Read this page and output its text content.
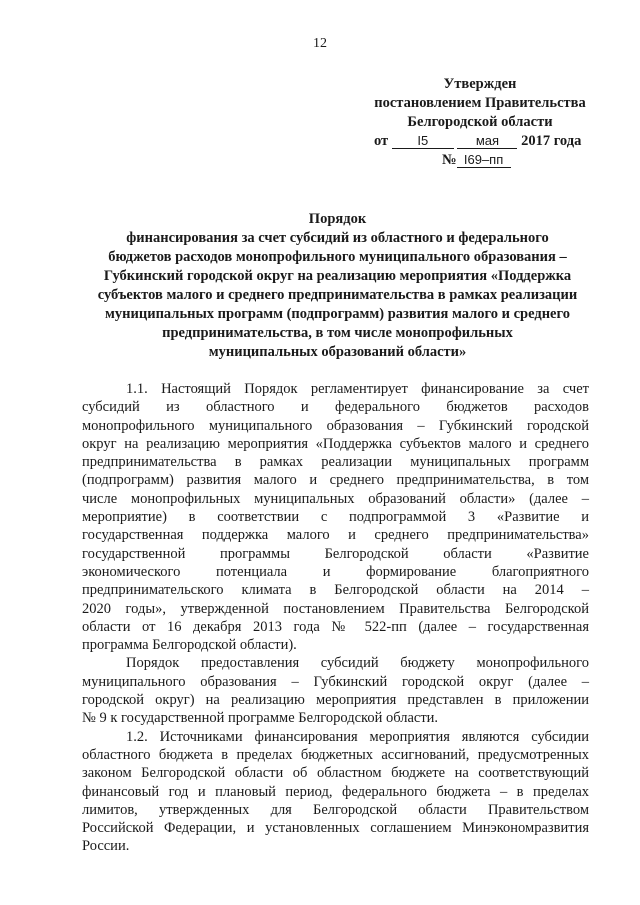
12
Утвержден
постановлением Правительства
Белгородской области
от I5	мая 2017 года
№ I69–пп
Порядок
финансирования за счет субсидий из областного и федерального
бюджетов расходов монопрофильного муниципального образования –
Губкинский городской округ на реализацию мероприятия «Поддержка
субъектов малого и среднего предпринимательства в рамках реализации
муниципальных программ (подпрограмм) развития малого и среднего
предпринимательства, в том числе монопрофильных
муниципальных образований области»

1.1. Настоящий Порядок регламентирует финансирование за счет
субсидий из областного и федерального бюджетов расходов
монопрофильного муниципального образования – Губкинский городской
округ на реализацию мероприятия «Поддержка субъектов малого и среднего
предпринимательства в рамках реализации муниципальных программ
(подпрограмм) развития малого и среднего предпринимательства, в том
числе монопрофильных муниципальных образований области» (далее –
мероприятие) в соответствии с подпрограммой 3 «Развитие и
государственная поддержка малого и среднего предпринимательства»
государственной программы Белгородской области «Развитие
экономического потенциала и формирование благоприятного
предпринимательского климата в Белгородской области на 2014 –
2020 годы», утвержденной постановлением Правительства Белгородской
области от 16 декабря 2013 года № 522-пп (далее – государственная
программа Белгородской области).

Порядок предоставления субсидий бюджету монопрофильного
муниципального образования – Губкинский городской округ (далее –
городской округ) на реализацию мероприятия представлен в приложении
№ 9 к государственной программе Белгородской области.

1.2. Источниками финансирования мероприятия являются субсидии
областного бюджета в пределах бюджетных ассигнований, предусмотренных
законом Белгородской области об областном бюджете на соответствующий
финансовый год и плановый период, федерального бюджета – в пределах
лимитов, утвержденных для Белгородской области Правительством
Российской Федерации, и установленных соглашением Минэкономразвития
России.
